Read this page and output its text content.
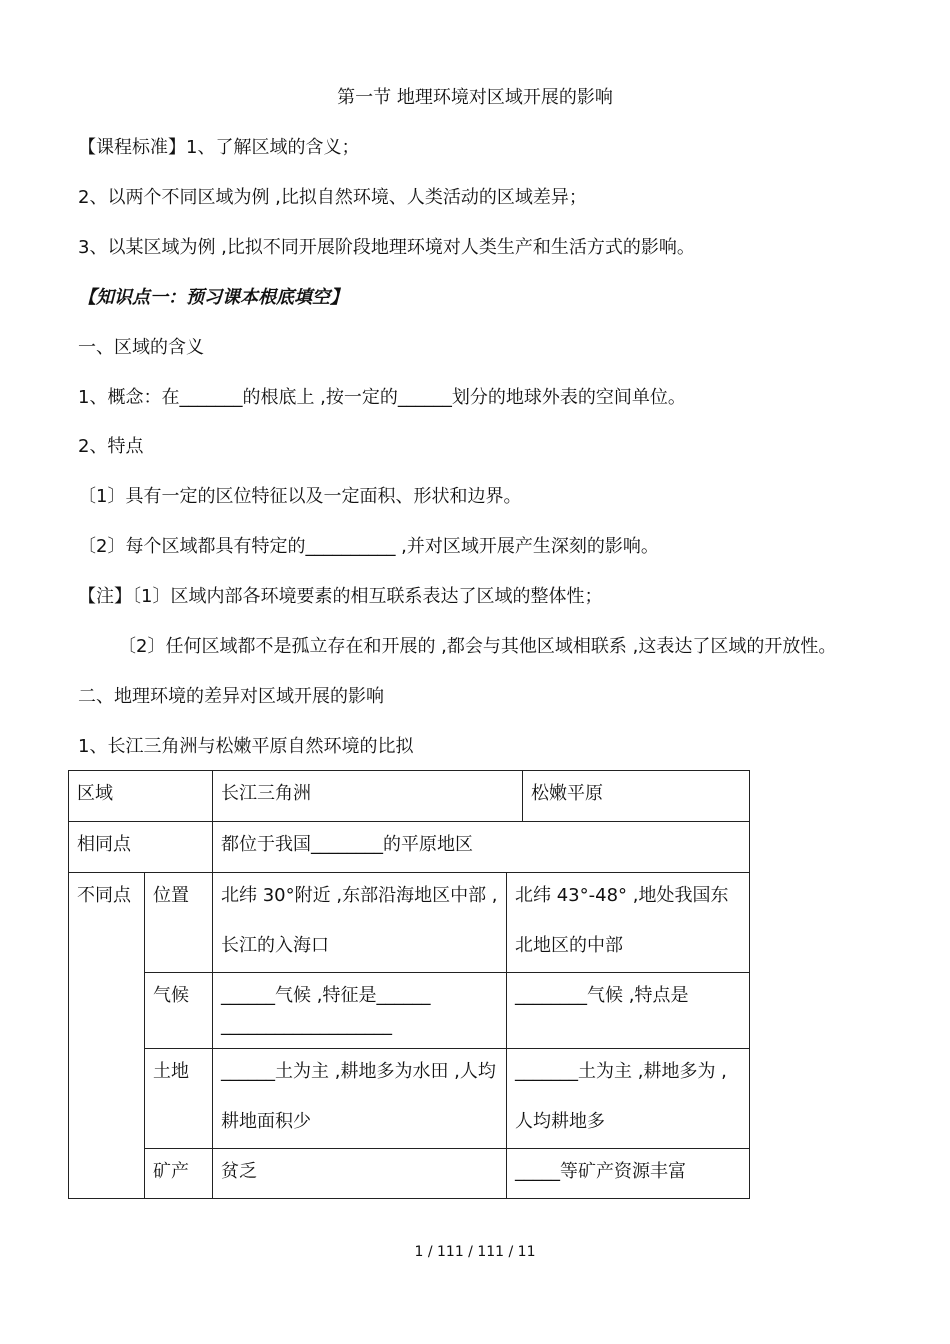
第一节 地理环境对区域开展的影响
【课程标准】1、了解区域的含义；
2、以两个不同区域为例 ,比拟自然环境、人类活动的区域差异；
3、以某区域为例 ,比拟不同开展阶段地理环境对人类生产和生活方式的影响。
【知识点一：预习课本根底填空】
一、区域的含义
1、概念：在_______的根底上 ,按一定的______划分的地球外表的空间单位。
2、特点
〔1〕具有一定的区位特征以及一定面积、形状和边界。
〔2〕每个区域都具有特定的__________ ,并对区域开展产生深刻的影响。
【注】〔1〕区域内部各环境要素的相互联系表达了区域的整体性；
〔2〕任何区域都不是孤立存在和开展的 ,都会与其他区域相联系 ,这表达了区域的开放性。
二、地理环境的差异对区域开展的影响
1、长江三角洲与松嫩平原自然环境的比拟
区域		长江三角洲		松嫩平原

相同点		都位于我国________的平原地区		

不同点	位置	北纬 30°附近 ,东部沿海地区中部 ,长江的入海口	北纬 43°-48° ,地处我国东北地区的中部	

	气候	______气候 ,特征是______ ___________________	________气候 ,特点是	

	土地	______土为主 ,耕地多为水田 ,人均耕地面积少	_______土为主 ,耕地多为 ,人均耕地多	

	矿产	贫乏	_____等矿产资源丰富	
1 / 111 / 111 / 11
